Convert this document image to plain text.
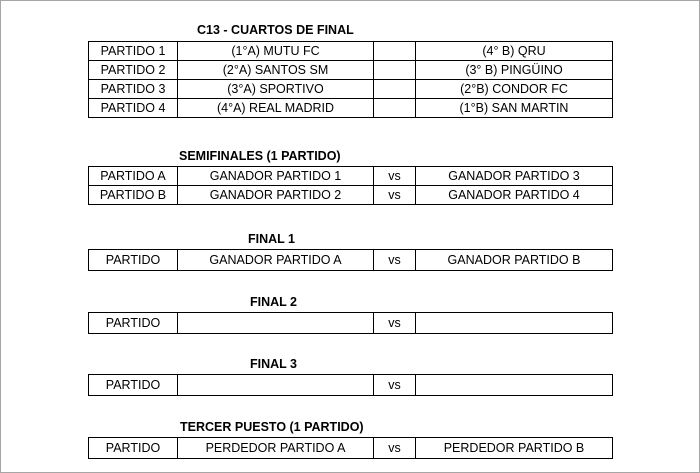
C13 - CUARTOS DE FINAL
PARTIDO 1	(1°A) MUTU FC		(4° B) QRU
PARTIDO 2	(2°A) SANTOS SM		(3° B) PINGÜINO
PARTIDO 3	(3°A) SPORTIVO		(2°B) CONDOR FC
PARTIDO 4	(4°A) REAL MADRID		(1°B) SAN MARTIN
SEMIFINALES (1 PARTIDO)
PARTIDO A	GANADOR PARTIDO 1	vs	GANADOR PARTIDO 3
PARTIDO B	GANADOR PARTIDO 2	vs	GANADOR PARTIDO 4
FINAL 1
PARTIDO	GANADOR PARTIDO A	vs	GANADOR PARTIDO B
FINAL 2
PARTIDO		vs	
FINAL 3
PARTIDO		vs	
TERCER PUESTO (1 PARTIDO)
PARTIDO	PERDEDOR PARTIDO A	vs	PERDEDOR PARTIDO B
